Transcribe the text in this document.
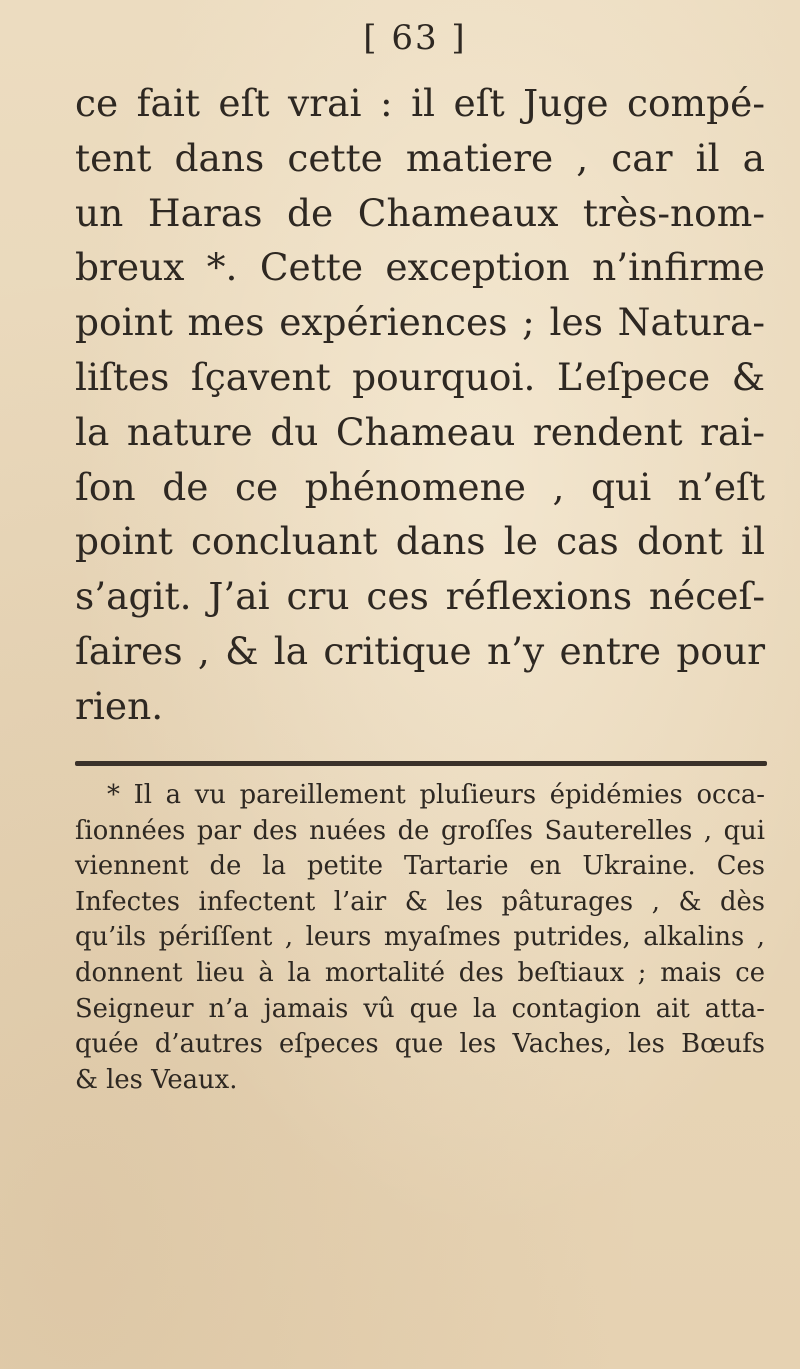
[ 63 ]
ce fait eſt vrai : il eſt Juge compé-
tent dans cette matiere , car il a
un Haras de Chameaux très-nom-
breux *. Cette exception n’infirme
point mes expériences ; les Natura-
liſtes ſçavent pourquoi. L’eſpece &
la nature du Chameau rendent rai-
ſon de ce phénomene , qui n’eſt
point concluant dans le cas dont il
s’agit. J’ai cru ces réflexions néceſ-
ſaires , & la critique n’y entre pour
rien.
* Il a vu pareillement pluſieurs épidémies occa-
ſionnées par des nuées de groſſes Sauterelles , qui
viennent de la petite Tartarie en Ukraine. Ces
Infectes infectent l’air & les pâturages , & dès
qu’ils périſſent , leurs myaſmes putrides, alkalins ,
donnent lieu à la mortalité des beſtiaux ; mais ce
Seigneur n’a jamais vû que la contagion ait atta-
quée d’autres eſpeces que les Vaches, les Bœufs
& les Veaux.
